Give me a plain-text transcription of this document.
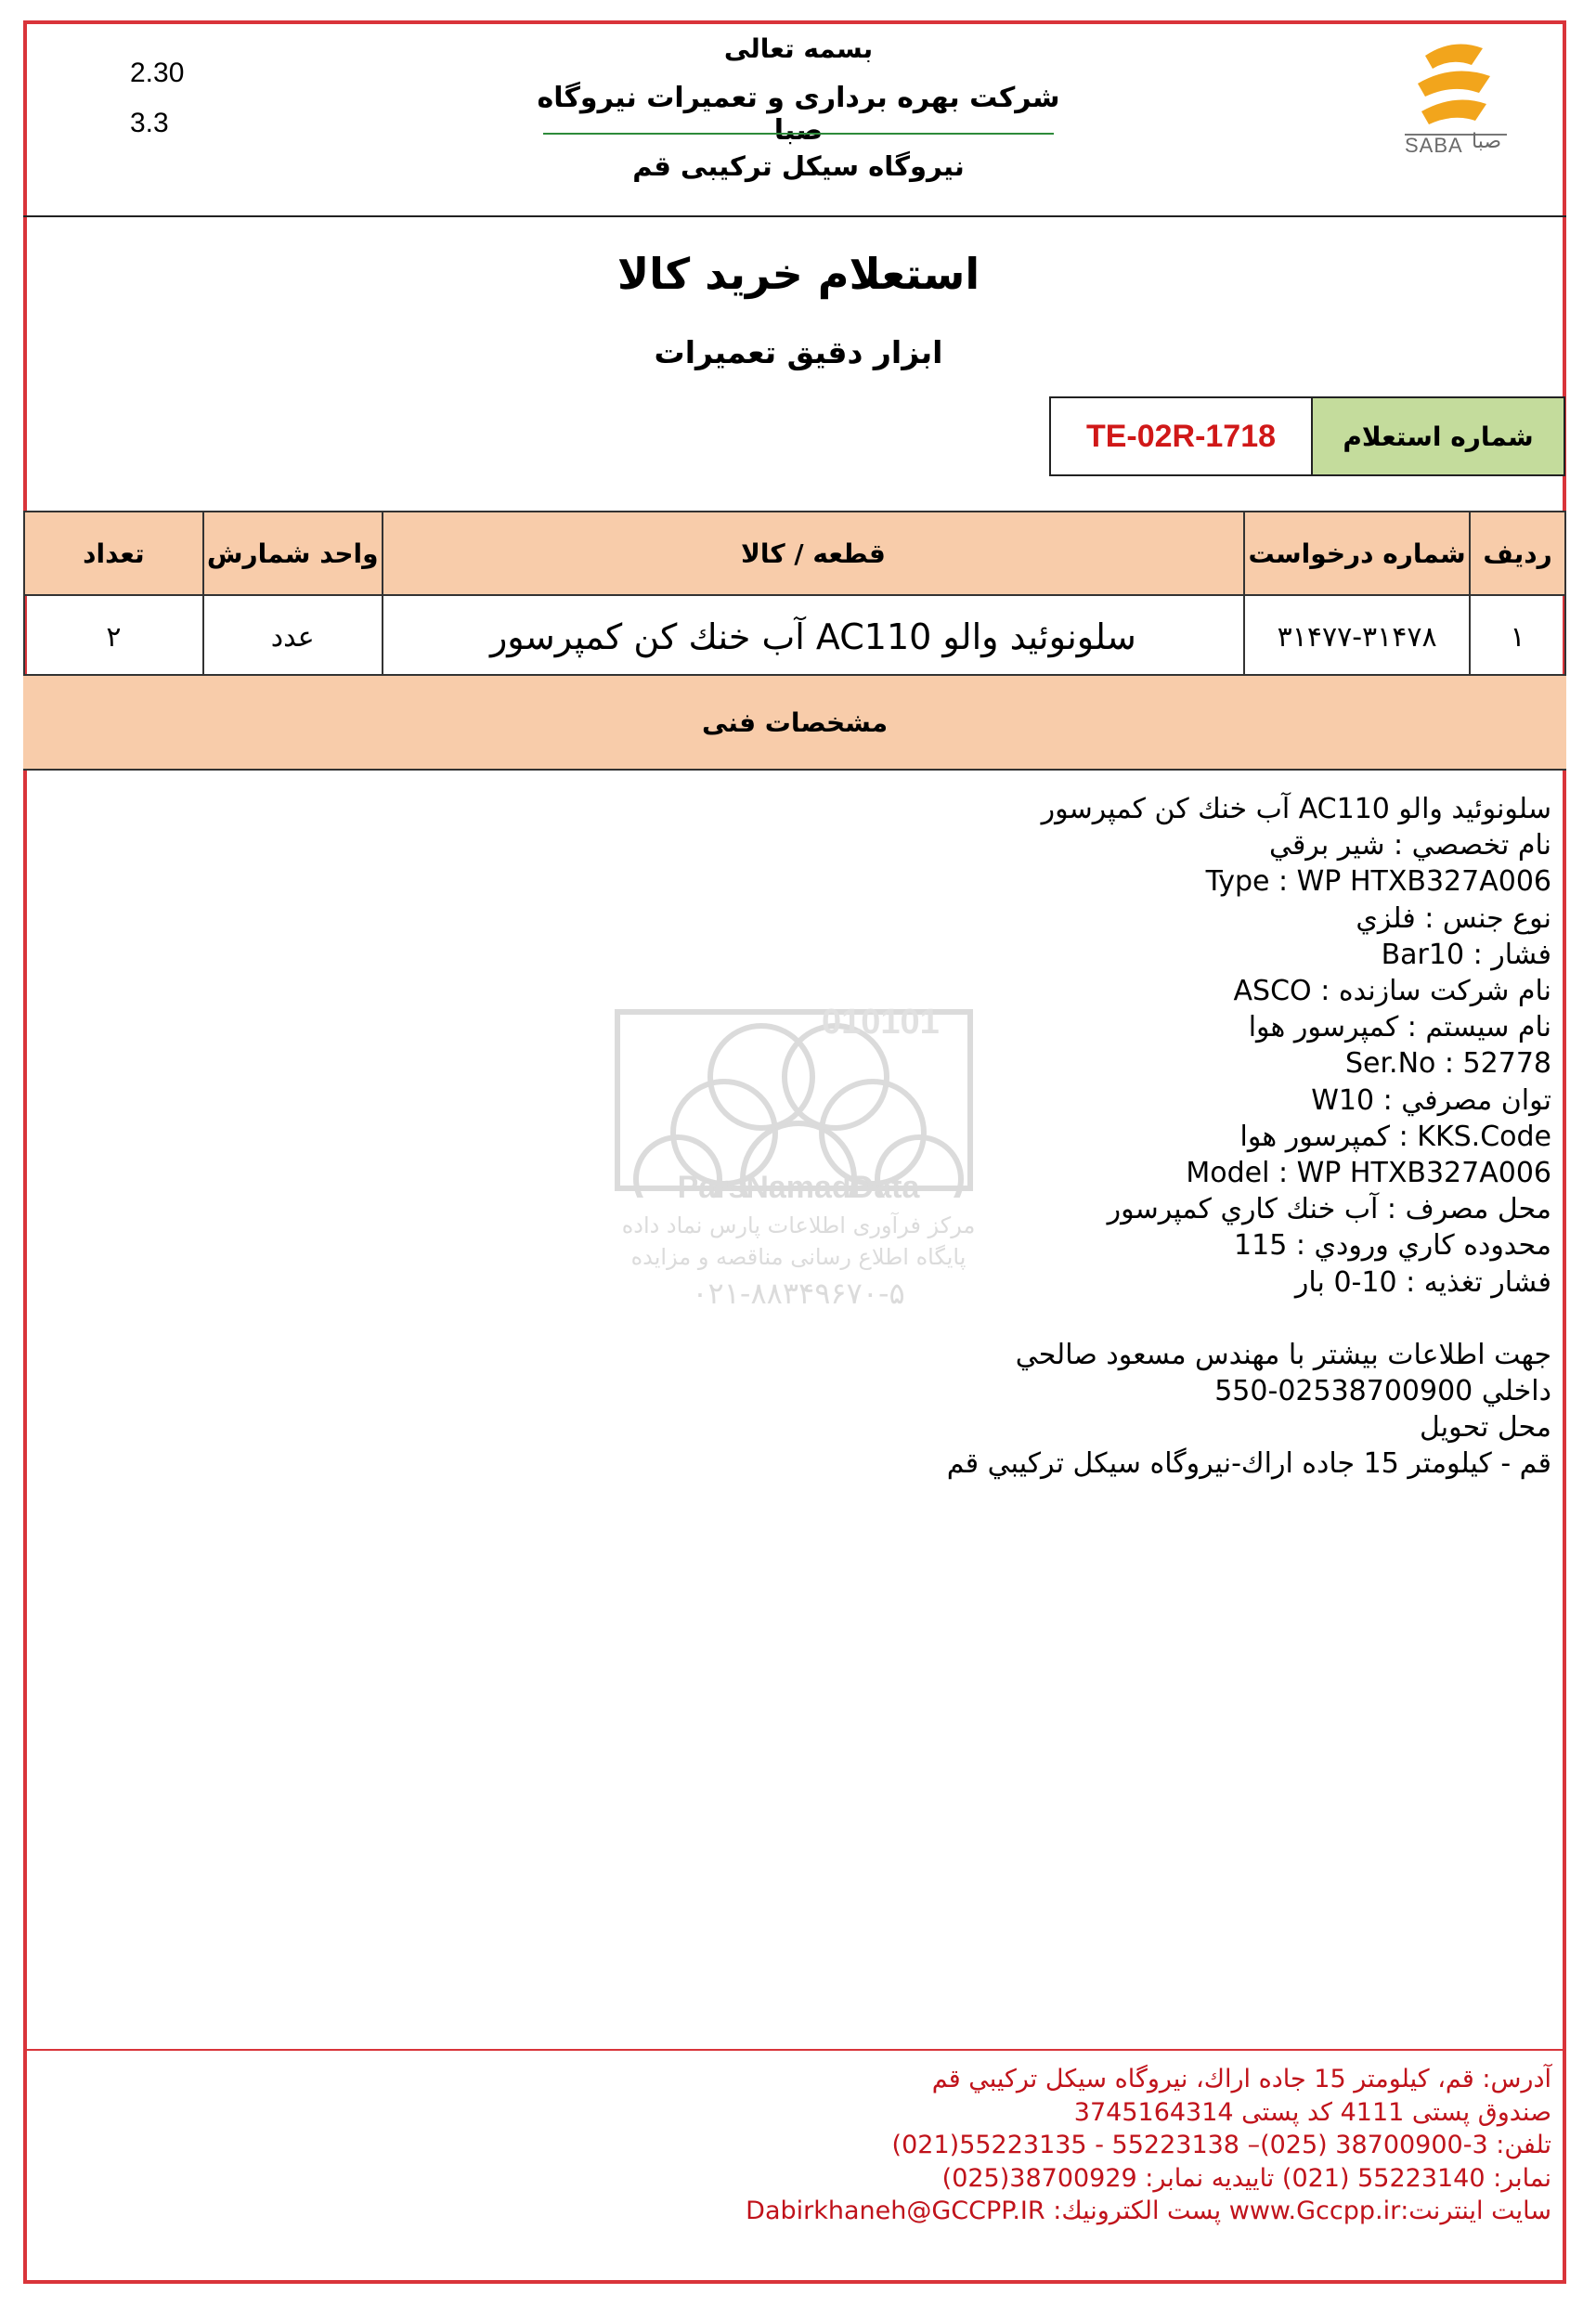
2.30
3.3
بسمه تعالی
شرکت بهره برداری و تعمیرات نیروگاه صبا
نیروگاه سیکل ترکیبی قم
SABA صبا
استعلام خرید کالا
ابزار دقیق تعمیرات
TE-02R-1718	شماره استعلام
ردیف	شماره درخواست	قطعه / کالا	واحد شمارش	تعداد
۱	۳۱۴۷۷-۳۱۴۷۸	سلونوئید والو AC110 آب خنك كن كمپرسور	عدد	۲
مشخصات فنی
010101
ParsNamadData
مرکز فرآوری اطلاعات پارس نماد داده
پایگاه اطلاع رسانی مناقصه و مزایده
۰۲۱-۸۸۳۴۹۶۷۰-۵
سلونوئيد والو AC110 آب خنك كن كمپرسور
نام تخصصي : شير برقي
Type : WP HTXB327A006
نوع جنس : فلزي
فشار : Bar10
نام شركت سازنده : ASCO
نام سيستم : كمپرسور هوا
Ser.No : 52778
توان مصرفي : W10
KKS.Code : كمپرسور هوا
Model : WP HTXB327A006
محل مصرف : آب خنك كاري كمپرسور
محدوده كاري ورودي : 115
فشار تغذيه : 10-0 بار
جهت اطلاعات بيشتر با مهندس مسعود صالحي
داخلي 02538700900-550
محل تحويل
قم - كيلومتر 15 جاده اراك-نيروگاه سيكل تركيبي قم
آدرس: قم، كيلومتر 15 جاده اراك، نيروگاه سيكل تركيبي قم
صندوق پستی 4111 کد پستی 3745164314
تلفن: 3-38700900 (025)– 55223138 - 55223135(021)
نمابر: 55223140 (021) تاییدیه نمابر: 38700929(025)
سایت اینترنت:www.Gccpp.ir پست الکترونیك: Dabirkhaneh@GCCPP.IR
